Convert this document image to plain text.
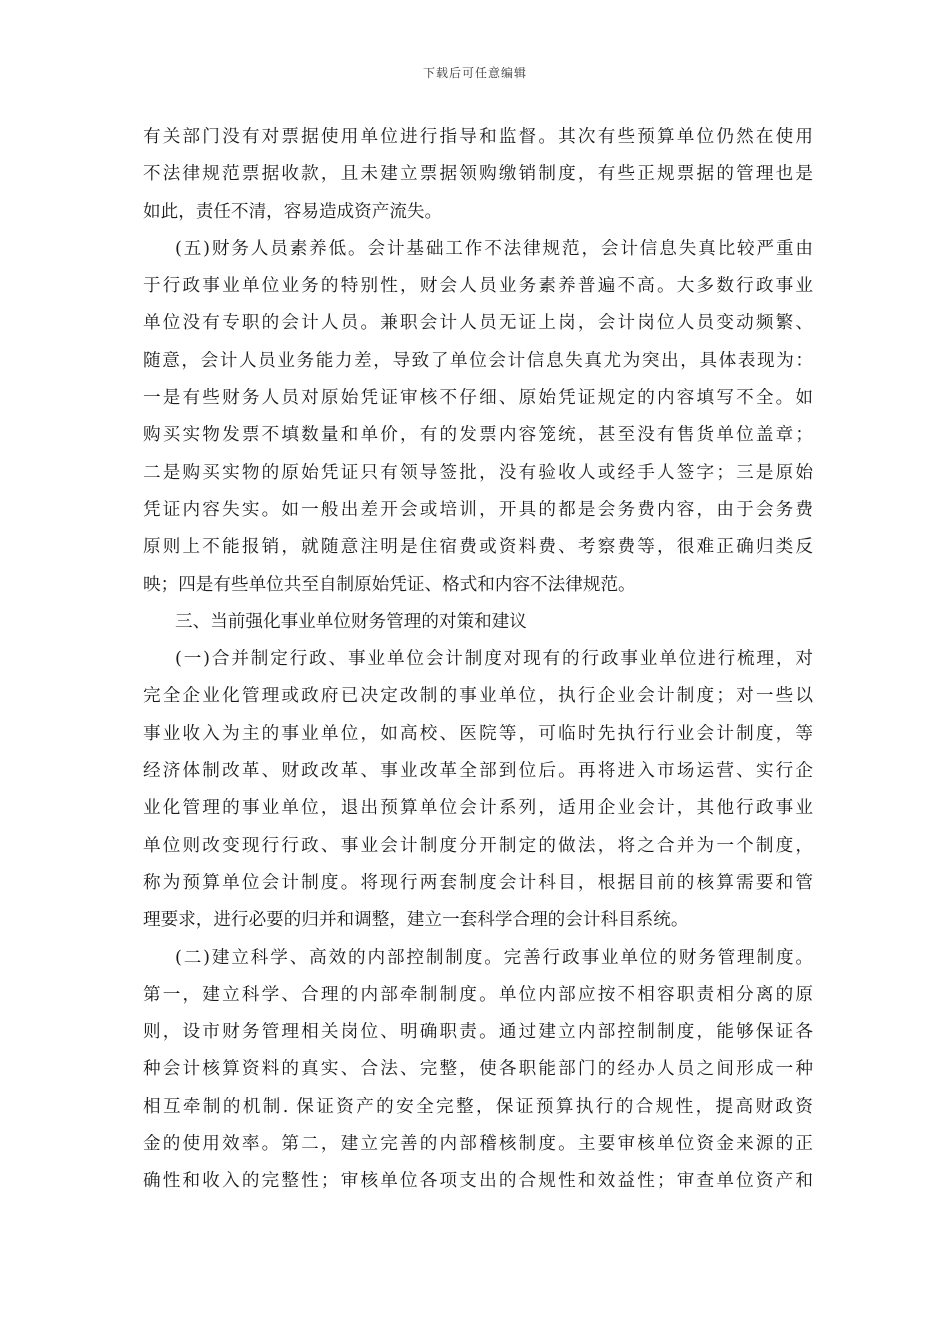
下载后可任意编辑
有关部门没有对票据使用单位进行指导和监督。其次有些预算单位仍然在使用
不法律规范票据收款，且未建立票据领购缴销制度，有些正规票据的管理也是
如此，责任不清，容易造成资产流失。
(五)财务人员素养低。会计基础工作不法律规范，会计信息失真比较严重由
于行政事业单位业务的特别性，财会人员业务素养普遍不高。大多数行政事业
单位没有专职的会计人员。兼职会计人员无证上岗，会计岗位人员变动频繁、
随意，会计人员业务能力差，导致了单位会计信息失真尤为突出，具体表现为：
一是有些财务人员对原始凭证审核不仔细、原始凭证规定的内容填写不全。如
购买实物发票不填数量和单价，有的发票内容笼统，甚至没有售货单位盖章；
二是购买实物的原始凭证只有领导签批，没有验收人或经手人签字；三是原始
凭证内容失实。如一般出差开会或培训，开具的都是会务费内容，由于会务费
原则上不能报销，就随意注明是住宿费或资料费、考察费等，很难正确归类反
映；四是有些单位共至自制原始凭证、格式和内容不法律规范。
三、当前强化事业单位财务管理的对策和建议
(一)合并制定行政、事业单位会计制度对现有的行政事业单位进行梳理，对
完全企业化管理或政府已决定改制的事业单位，执行企业会计制度；对一些以
事业收入为主的事业单位，如高校、医院等，可临时先执行行业会计制度，等
经济体制改革、财政改革、事业改革全部到位后。再将进入市场运营、实行企
业化管理的事业单位，退出预算单位会计系列，适用企业会计，其他行政事业
单位则改变现行行政、事业会计制度分开制定的做法，将之合并为一个制度，
称为预算单位会计制度。将现行两套制度会计科目，根据目前的核算需要和管
理要求，进行必要的归并和调整，建立一套科学合理的会计科目系统。
(二)建立科学、高效的内部控制制度。完善行政事业单位的财务管理制度。
第一，建立科学、合理的内部牵制制度。单位内部应按不相容职责相分离的原
则，设市财务管理相关岗位、明确职责。通过建立内部控制制度，能够保证各
种会计核算资料的真实、合法、完整，使各职能部门的经办人员之间形成一种
相互牵制的机制. 保证资产的安全完整，保证预算执行的合规性，提高财政资
金的使用效率。第二，建立完善的内部稽核制度。主要审核单位资金来源的正
确性和收入的完整性；审核单位各项支出的合规性和效益性；审查单位资产和
